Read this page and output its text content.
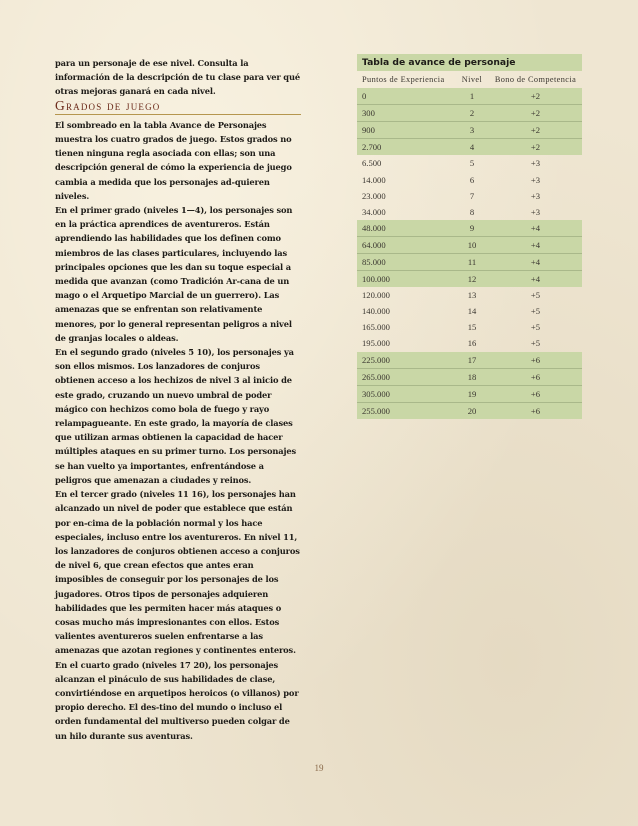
para un personaje de ese nivel. Consulta la información de la descripción de tu clase para ver qué otras mejoras ganará en cada nivel.

Grados de juego

El sombreado en la tabla Avance de Personajes muestra los cuatro grados de juego. Estos grados no tienen ninguna regla asociada con ellas; son una descripción general de cómo la experiencia de juego cambia a medida que los personajes ad-quieren niveles.

En el primer grado (niveles 1—4), los personajes son en la práctica aprendices de aventureros. Están aprendiendo las habilidades que los definen como miembros de las clases particulares, incluyendo las principales opciones que les dan su toque especial a medida que avanzan (como Tradición Ar-cana de un mago o el Arquetipo Marcial de un guerrero). Las amenazas que se enfrentan son relativamente menores, por lo general representan peligros a nivel de granjas locales o aldeas.

En el segundo grado (niveles 5 10), los personajes ya son ellos mismos. Los lanzadores de conjuros obtienen acceso a los hechizos de nivel 3 al inicio de este grado, cruzando un nuevo umbral de poder mágico con hechizos como bola de fuego y rayo relampagueante. En este grado, la mayoría de clases que utilizan armas obtienen la capacidad de hacer múltiples ataques en su primer turno. Los personajes se han vuelto ya importantes, enfrentándose a peligros que amenazan a ciudades y reinos.

En el tercer grado (niveles 11 16), los personajes han alcanzado un nivel de poder que establece que están por en-cima de la población normal y los hace especiales, incluso entre los aventureros. En nivel 11, los lanzadores de conjuros obtienen acceso a conjuros de nivel 6, que crean efectos que antes eran imposibles de conseguir por los personajes de los jugadores. Otros tipos de personajes adquieren habilidades que les permiten hacer más ataques o cosas mucho más impresionantes con ellos. Estos valientes aventureros suelen enfrentarse a las amenazas que azotan regiones y continentes enteros.

En el cuarto grado (niveles 17 20), los personajes alcanzan el pináculo de sus habilidades de clase, convirtiéndose en arquetipos heroicos (o villanos) por propio derecho. El des-tino del mundo o incluso el orden fundamental del multiverso pueden colgar de un hilo durante sus aventuras.

Tabla de avance de personaje
Puntos de Experiencia	Nivel	Bono de Competencia
0	1	+2
300	2	+2
900	3	+2
2.700	4	+2
6.500	5	+3
14.000	6	+3
23.000	7	+3
34.000	8	+3
48.000	9	+4
64.000	10	+4
85.000	11	+4
100.000	12	+4
120.000	13	+5
140.000	14	+5
165.000	15	+5
195.000	16	+5
225.000	17	+6
265.000	18	+6
305.000	19	+6
255.000	20	+6
19
